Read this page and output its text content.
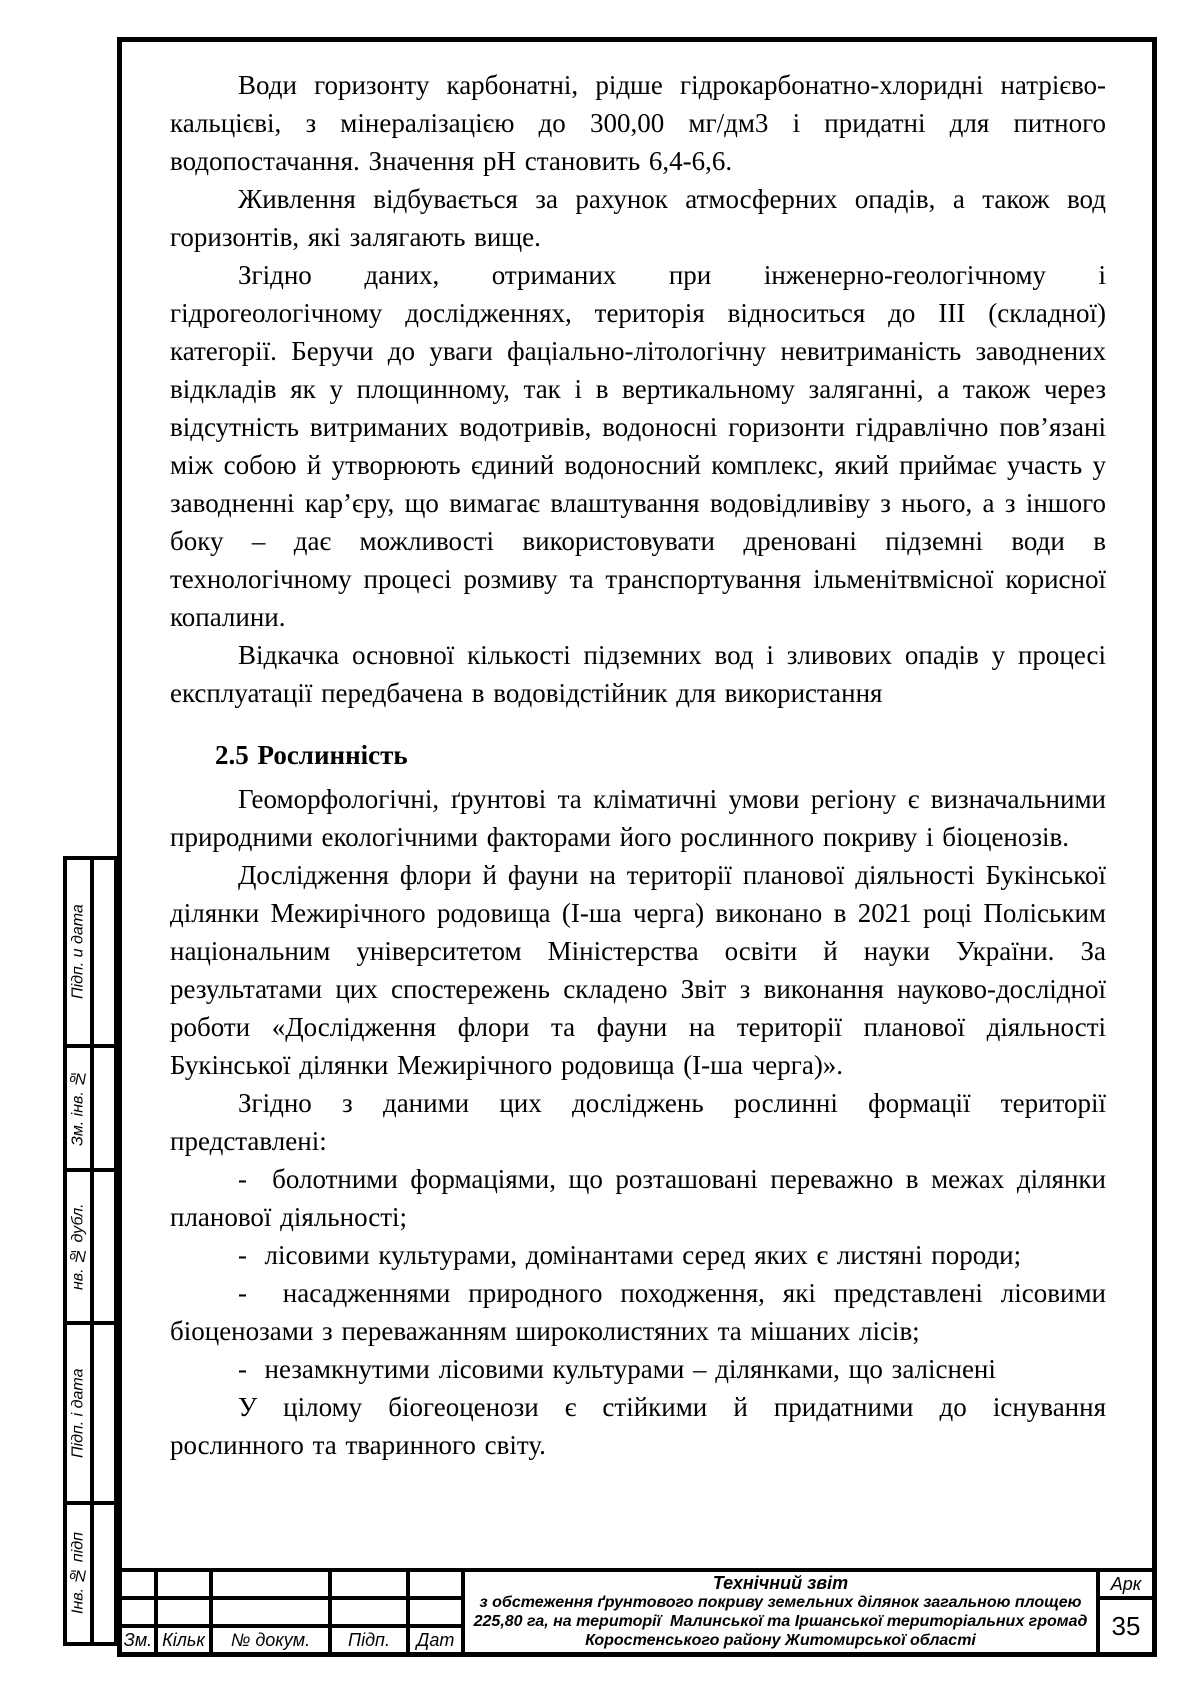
Води горизонту карбонатні, рідше гідрокарбонатно-хлоридні натрієво-кальцієві, з мінералізацією до 300,00 мг/дм3 і придатні для питного водопостачання. Значення рН становить 6,4-6,6.
Живлення відбувається за рахунок атмосферних опадів, а також вод горизонтів, які залягають вище.
Згідно даних, отриманих при інженерно-геологічному і гідрогеологічному дослідженнях, територія відноситься до ІІІ (складної) категорії. Беручи до уваги фаціально-літологічну невитриманість заводнених відкладів як у площинному, так і в вертикальному заляганні, а також через відсутність витриманих водотривів, водоносні горизонти гідравлічно пов’язані між собою й утворюють єдиний водоносний комплекс, який приймає участь у заводненні кар’єру, що вимагає влаштування водовідливіву з нього, а з іншого боку – дає можливості використовувати дреновані підземні води в технологічному процесі розмиву та транспортування ільменітвмісної корисної копалини.
Відкачка основної кількості підземних вод і зливових опадів у процесі експлуатації передбачена в водовідстійник для використання
2.5 Рослинність
Геоморфологічні, ґрунтові та кліматичні умови регіону є визначальними природними екологічними факторами його рослинного покриву і біоценозів.
Дослідження флори й фауни на території планової діяльності Букінської ділянки Межирічного родовища (І-ша черга) виконано в 2021 році Поліським національним університетом Міністерства освіти й науки України. За результатами цих спостережень складено Звіт з виконання науково-дослідної роботи «Дослідження флори та фауни на території планової діяльності Букінської ділянки Межирічного родовища (І-ша черга)».
Згідно з даними цих досліджень рослинні формації території представлені:
-  болотними формаціями, що розташовані переважно в межах ділянки планової діяльності;
-  лісовими культурами, домінантами серед яких є листяні породи;
-  насадженнями природного походження, які представлені лісовими біоценозами з переважанням широколистяних та мішаних лісів;
-  незамкнутими лісовими культурами – ділянками, що заліснені
У цілому біогеоценози є стійкими й придатними до існування рослинного та тваринного світу.
Підп. и дата
Зм. інв. №
нв. № дубл.
Підп. і дата
Інв. № підп
Зм. Кільк	№ докум.	Підп.	Дат
Технічний звіт
з обстеження ґрунтового покриву земельних ділянок загальною площею
225,80 га, на території  Малинської та Іршанської територіальних громад
Коростенського району Житомирської області
Арк
35
